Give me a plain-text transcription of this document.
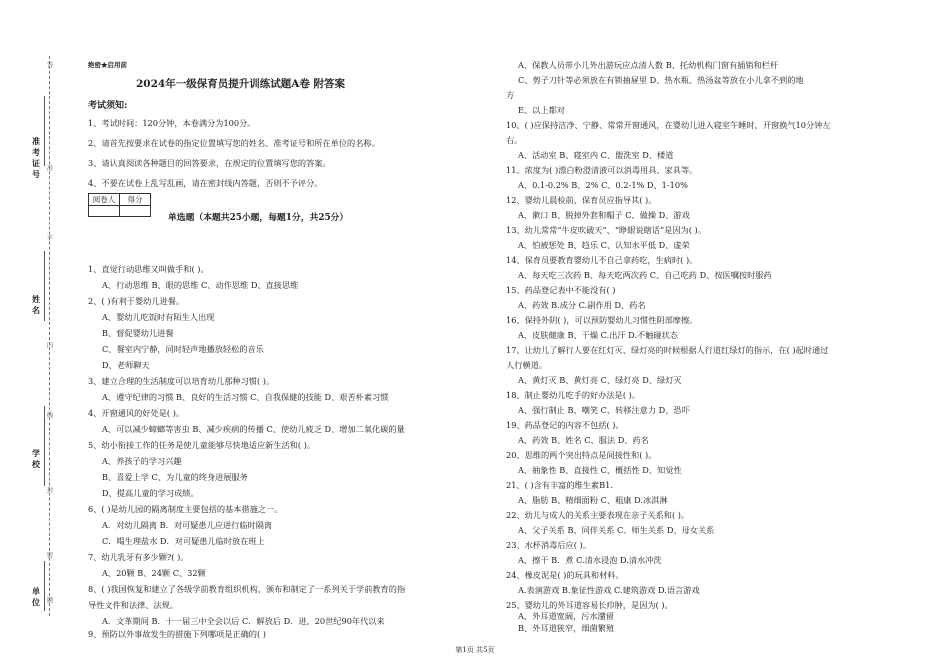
准考证号
姓名
学校
单位
密
封
线
内
不
准
答
题
绝密★启用前
2024年一级保育员提升训练试题A卷 附答案
考试须知:
1、考试时间：120分钟，本卷满分为100分。
2、请首先按要求在试卷的指定位置填写您的姓名、准考证号和所在单位的名称。
3、请认真阅读各种题目的回答要求，在规定的位置填写您的答案。
4、不要在试卷上乱写乱画，请在密封线内答题，否则不予评分。
阅卷人	得分

单选题（本题共25小题，每题1分，共25分）
1、直觉行动思维又叫做手和( )。
A、行动思维 B、眼的思维 C、动作思维 D、直接思维
2、( )有利于婴幼儿进餐。
A、婴幼儿吃饭时有陌生人出现
B、督促婴幼儿进餐
C、餐室内宁静，同时轻声地播放轻松的音乐
D、老师聊天
3、建立合理的生活制度可以培育幼儿那种习惯( )。
A、遵守纪律的习惯 B、良好的生活习惯 C、自我保健的技能 D、艰苦朴素习惯
4、开窗通风的好处是( )。
A、可以减少蟑螂等害虫 B、减少疾病的传播 C、使幼儿疲乏 D、增加二氧化碳的量
5、幼小衔接工作的任务是使儿童能够尽快地适应新生活和( )。
A、养孩子的学习兴趣
B、喜爱上学 C、为儿童的终身进展服务
D、提高儿童的学习成绩。
6、( )是幼儿园的隔离制度主要包括的基本措施之一。
A．对幼儿隔离 B．对可疑患儿应进行临时隔离
C．喝生理盐水 D．对可疑患儿临时放在班上
7、幼儿乳牙有多少颗?( )。
A、20颗 B、24颗 C、32颗
8、( )我国恢复和建立了各级学前教育组织机构，颁布和制定了一系列关于学前教育的指
导性文件和法律、法规。
A．文革期间 B．十一届三中全会以后 C．解放后 D．进，20世纪90年代以来
9、预防以外事故发生的措施下列哪项是正确的( )
A、保教人员带小儿外出游玩应点清人数 B、托幼机构门窗有插销和栏杆
C、剪子刀针等必须放在有锁抽屉里 D、热水瓶、热汤盆等放在小儿拿不到的地
方
E、以上都对
10、( )应保持洁净、宁静、常常开窗通风，在婴幼儿进入寝室午睡时，开窗换气10分钟左
右。
A、活动室 B、寝室内 C、盥洗室 D、楼道
11、浓度为( )漂白粉澄清液可以消毒用具、家具等。
A、0.1-0.2% B、2% C、0.2-1% D、1-10%
12、婴幼儿晨检前，保育员应指导其( )。
A、漱口 B、脱掉外套和帽子 C、做操 D、游戏
13、幼儿常常“牛皮吹破天”、“睁眼说瞎话”是因为( )。
A、怕被惩处 B、趋乐 C、认知水平低 D、虚荣
14、保育员要教育婴幼儿不自己拿药吃，生病时( )。
A、每天吃三次药 B、每天吃两次药 C、自己吃药 D、按医嘱按时服药
15、药品登记表中不能没有( )
A、药效 B.成分 C.副作用 D、药名
16、保持外阴( )，可以预防婴幼儿习惯性阴部摩擦。
A、皮肤健康 B、干燥 C.出汗 D.不触碰状态
17、让幼儿了解行人要在红灯灭、绿灯亮的时候根据人行道红绿灯的指示，在( )起时通过
人行横道。
A、黄灯灭 B、黄灯亮 C、绿灯亮 D、绿灯灭
18、制止婴幼儿吃手的好办法是( )。
A、强行制止 B、嘲笑 C、转移注意力 D、恐吓
19、药品登记的内容不包括( )。
A、药效 B、姓名 C、服法 D、药名
20、思维的两个突出特点是间接性和( )。
A、抽象性 B、直接性 C、概括性 D、知觉性
21、( )含有丰富的维生素B1.
A、脂肪 B、精细面粉 C、粗康 D.冰淇淋
22、幼儿与成人的关系主要表现在亲子关系和( )。
A、父子关系 B、同伴关系 C、师生关系 D、母女关系
23、水杯消毒后应( )。
A、擦干 B．煮 C.清水浸泡 D.清水冲洗
24、橡皮泥是( )的玩具和材料。
A.表演游戏 B.象征性游戏 C.建筑游戏 D.语言游戏
25、婴幼儿的外耳道容易长疖肿，是因为( )。
A、外耳道宽阔，污水潴留
B、外耳道狭窄，细菌繁殖
第1页 共5页
